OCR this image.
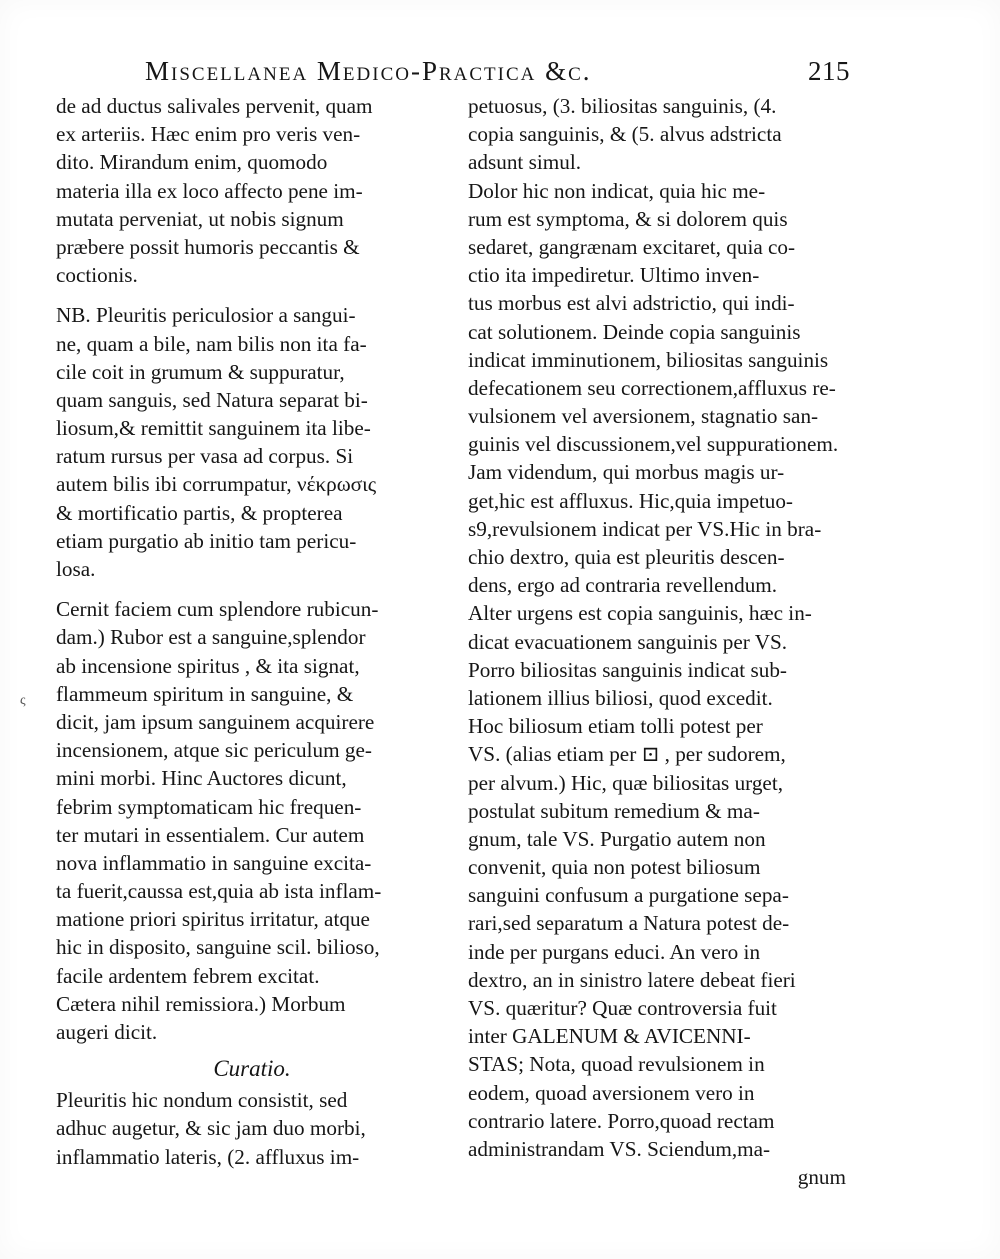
Miscellanea Medico-Practica &c.	215
ς
de ad ductus salivales pervenit, quam
ex arteriis. Hæc enim pro veris ven-
dito. Mirandum enim, quomodo
materia illa ex loco affecto pene im-
mutata perveniat, ut nobis signum
præbere possit humoris peccantis &
coctionis.
NB. Pleuritis periculosior a sangui-
ne, quam a bile, nam bilis non ita fa-
cile coit in grumum & suppuratur,
quam sanguis, sed Natura separat bi-
liosum,& remittit sanguinem ita libe-
ratum rursus per vasa ad corpus. Si
autem bilis ibi corrumpatur, νέκρωσις
& mortificatio partis, & propterea
etiam purgatio ab initio tam pericu-
losa.
Cernit faciem cum splendore rubicun-
dam.) Rubor est a sanguine,splendor
ab incensione spiritus , & ita signat,
flammeum spiritum in sanguine, &
dicit, jam ipsum sanguinem acquirere
incensionem, atque sic periculum ge-
mini morbi. Hinc Auctores dicunt,
febrim symptomaticam hic frequen-
ter mutari in essentialem. Cur autem
nova inflammatio in sanguine excita-
ta fuerit,caussa est,quia ab ista inflam-
matione priori spiritus irritatur, atque
hic in disposito, sanguine scil. bilioso,
facile ardentem febrem excitat.
Cætera nihil remissiora.) Morbum
augeri dicit.
Curatio.
Pleuritis hic nondum consistit, sed
adhuc augetur, & sic jam duo morbi,
inflammatio lateris, (2. affluxus im-
petuosus, (3. biliositas sanguinis, (4.
copia sanguinis, & (5. alvus adstricta
adsunt simul.
Dolor hic non indicat, quia hic me-
rum est symptoma, & si dolorem quis
sedaret, gangrænam excitaret, quia co-
ctio ita impediretur. Ultimo inven-
tus morbus est alvi adstrictio, qui indi-
cat solutionem. Deinde copia sanguinis
indicat imminutionem, biliositas sanguinis
defecationem seu correctionem,affluxus re-
vulsionem vel aversionem, stagnatio san-
guinis vel discussionem,vel suppurationem.
Jam videndum, qui morbus magis ur-
get,hic est affluxus. Hic,quia impetuo-
s9,revulsionem indicat per VS.Hic in bra-
chio dextro, quia est pleuritis descen-
dens, ergo ad contraria revellendum.
Alter urgens est copia sanguinis, hæc in-
dicat evacuationem sanguinis per VS.
Porro biliositas sanguinis indicat sub-
lationem illius biliosi, quod excedit.
Hoc biliosum etiam tolli potest per
VS. (alias etiam per ⊡ , per sudorem,
per alvum.) Hic, quæ biliositas urget,
postulat subitum remedium & ma-
gnum, tale VS. Purgatio autem non
convenit, quia non potest biliosum
sanguini confusum a purgatione sepa-
rari,sed separatum a Natura potest de-
inde per purgans educi. An vero in
dextro, an in sinistro latere debeat fieri
VS. quæritur? Quæ controversia fuit
inter GALENUM & AVICENNI-
STAS; Nota, quoad revulsionem in
eodem, quoad aversionem vero in
contrario latere. Porro,quoad rectam
administrandam VS. Sciendum,ma-
gnum
